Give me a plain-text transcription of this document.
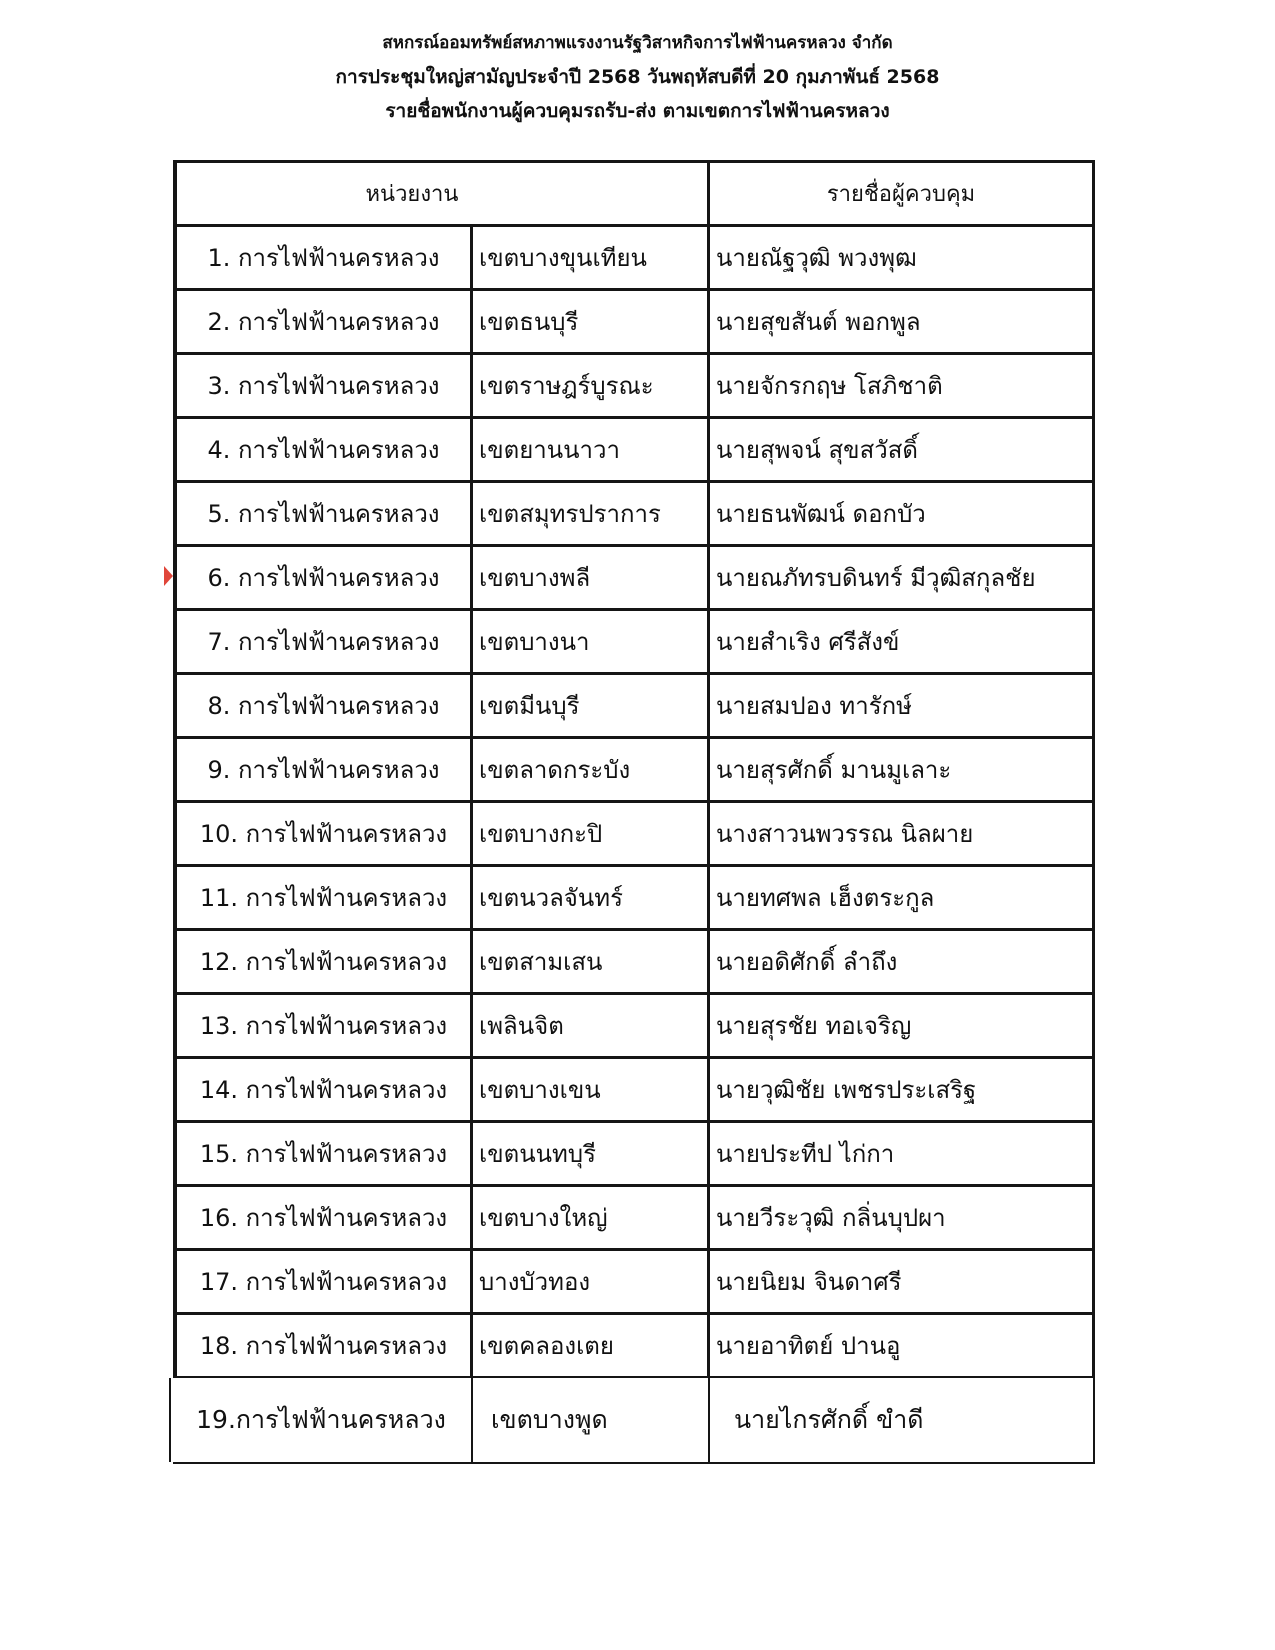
สหกรณ์ออมทรัพย์สหภาพแรงงานรัฐวิสาหกิจการไฟฟ้านครหลวง จำกัด
การประชุมใหญ่สามัญประจำปี 2568 วันพฤหัสบดีที่ 20 กุมภาพันธ์ 2568
รายชื่อพนักงานผู้ควบคุมรถรับ-ส่ง ตามเขตการไฟฟ้านครหลวง
หน่วยงาน	รายชื่อผู้ควบคุม
1. การไฟฟ้านครหลวง	เขตบางขุนเทียน	นายณัฐวุฒิ พวงพุฒ
2. การไฟฟ้านครหลวง	เขตธนบุรี	นายสุขสันต์ พอกพูล
3. การไฟฟ้านครหลวง	เขตราษฎร์บูรณะ	นายจักรกฤษ โสภิชาติ
4. การไฟฟ้านครหลวง	เขตยานนาวา	นายสุพจน์ สุขสวัสดิ์
5. การไฟฟ้านครหลวง	เขตสมุทรปราการ	นายธนพัฒน์ ดอกบัว
6. การไฟฟ้านครหลวง	เขตบางพลี	นายณภัทรบดินทร์ มีวุฒิสกุลชัย
7. การไฟฟ้านครหลวง	เขตบางนา	นายสำเริง ศรีสังข์
8. การไฟฟ้านครหลวง	เขตมีนบุรี	นายสมปอง ทารักษ์
9. การไฟฟ้านครหลวง	เขตลาดกระบัง	นายสุรศักดิ์ มานมูเลาะ
10. การไฟฟ้านครหลวง	เขตบางกะปิ	นางสาวนพวรรณ นิลผาย
11. การไฟฟ้านครหลวง	เขตนวลจันทร์	นายทศพล เฮ็งตระกูล
12. การไฟฟ้านครหลวง	เขตสามเสน	นายอดิศักดิ์ ลำถึง
13. การไฟฟ้านครหลวง	เพลินจิต	นายสุรชัย ทอเจริญ
14. การไฟฟ้านครหลวง	เขตบางเขน	นายวุฒิชัย เพชรประเสริฐ
15. การไฟฟ้านครหลวง	เขตนนทบุรี	นายประทีป ไก่กา
16. การไฟฟ้านครหลวง	เขตบางใหญ่	นายวีระวุฒิ กลิ่นบุปผา
17. การไฟฟ้านครหลวง	บางบัวทอง	นายนิยม จินดาศรี
18. การไฟฟ้านครหลวง	เขตคลองเตย	นายอาทิตย์ ปานอู
19.การไฟฟ้านครหลวง	เขตบางพูด	นายไกรศักดิ์ ขำดี
